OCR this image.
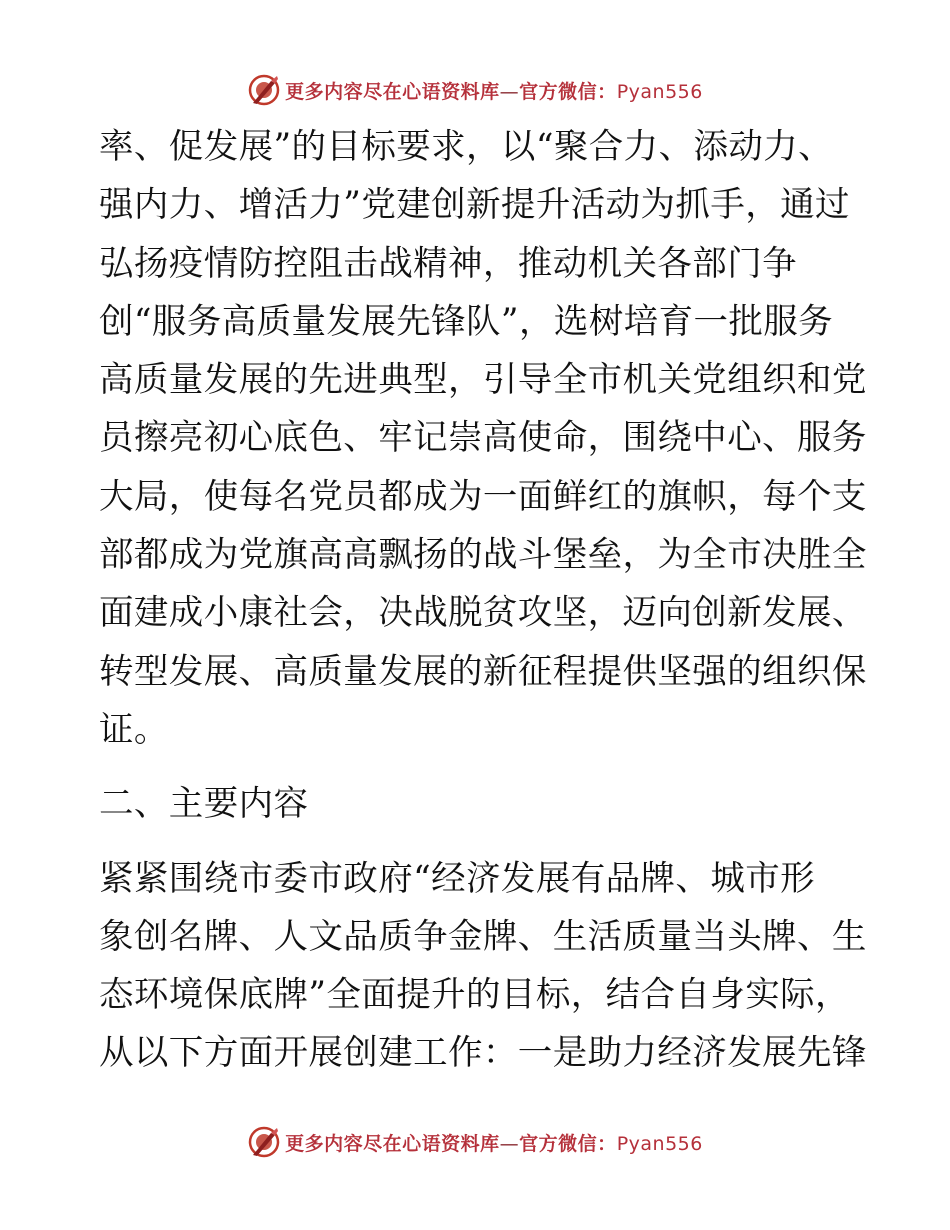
更多内容尽在心语资料库—官方微信：Pyan556
率、促发展”的目标要求，以“聚合力、添动力、
强内力、增活力”党建创新提升活动为抓手，通过
弘扬疫情防控阻击战精神，推动机关各部门争
创“服务高质量发展先锋队”，选树培育一批服务
高质量发展的先进典型，引导全市机关党组织和党
员擦亮初心底色、牢记崇高使命，围绕中心、服务
大局，使每名党员都成为一面鲜红的旗帜，每个支
部都成为党旗高高飘扬的战斗堡垒，为全市决胜全
面建成小康社会，决战脱贫攻坚，迈向创新发展、
转型发展、高质量发展的新征程提供坚强的组织保
证。
二、主要内容
紧紧围绕市委市政府“经济发展有品牌、城市形
象创名牌、人文品质争金牌、生活质量当头牌、生
态环境保底牌”全面提升的目标，结合自身实际，
从以下方面开展创建工作：一是助力经济发展先锋
更多内容尽在心语资料库—官方微信：Pyan556
